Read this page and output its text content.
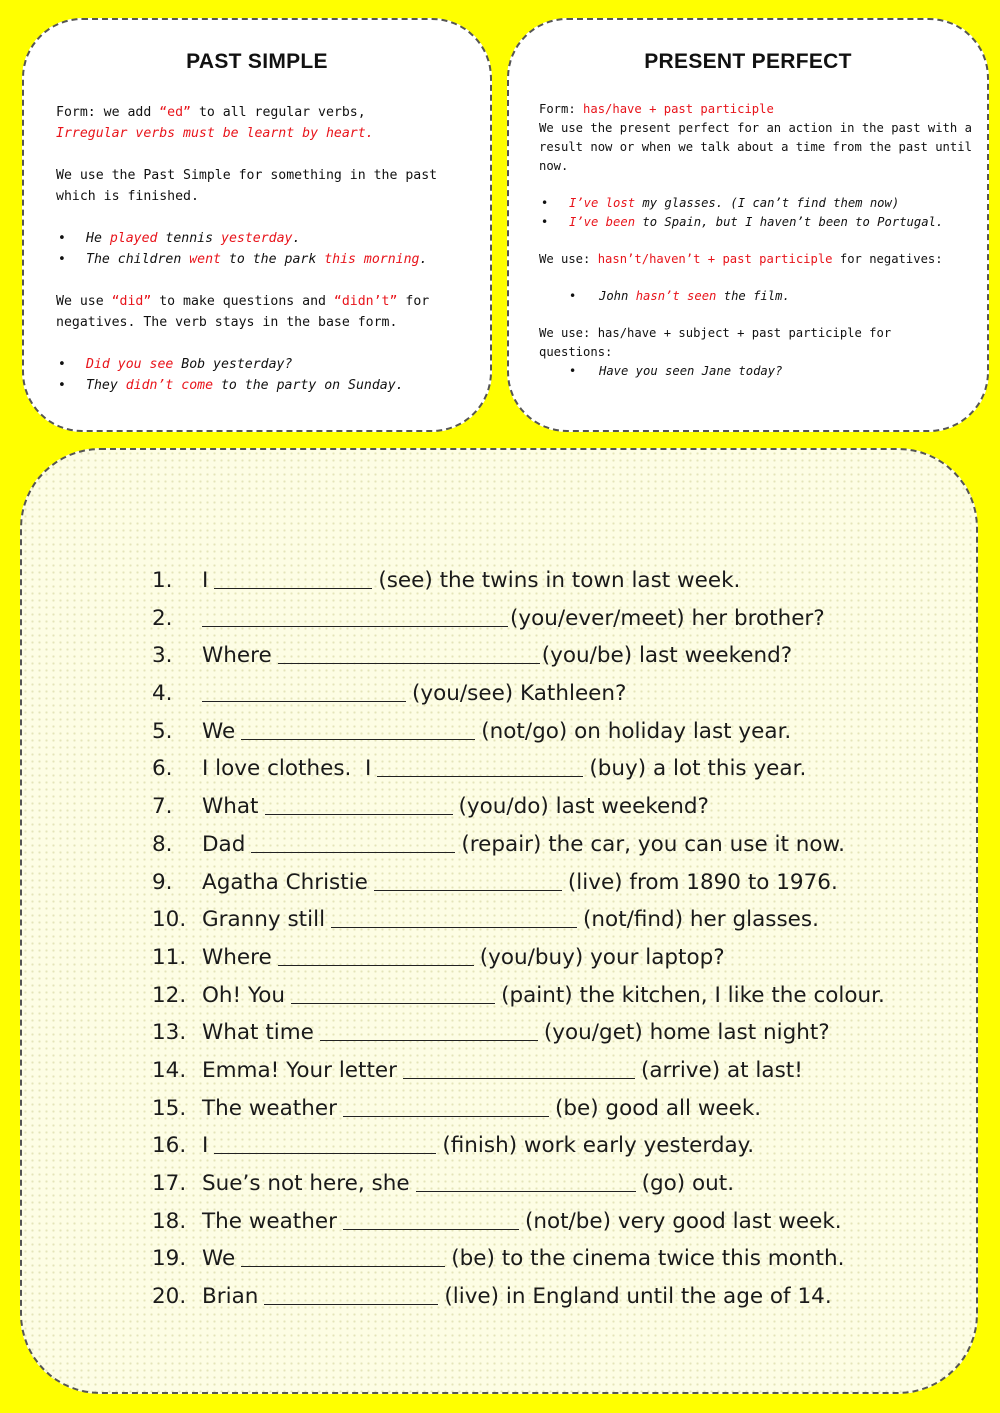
PAST SIMPLE

Form: we add “ed” to all regular verbs,

Irregular verbs must be learnt by heart.

We use the Past Simple for something in the past

which is finished.

• He played tennis yesterday.
• The children went to the park this morning.

We use “did” to make questions and “didn’t” for

negatives. The verb stays in the base form.

• Did you see Bob yesterday?
• They didn’t come to the party on Sunday.
PRESENT PERFECT

Form: has/have + past participle

We use the present perfect for an action in the past with a

result now or when we talk about a time from the past until

now.

• I’ve lost my glasses. (I can’t find them now)
• I’ve been to Spain, but I haven’t been to Portugal.

We use: hasn’t/haven’t + past participle for negatives:

• John hasn’t seen the film.

We use: has/have + subject + past participle for

questions:

• Have you seen Jane today?
1.	I	(see) the twins in town last week.
2.	(you/ever/meet) her brother?
3.	Where	(you/be) last weekend?
4.	(you/see) Kathleen?
5.	We	(not/go) on holiday last year.
6.	I love clothes.  I	(buy) a lot this year.
7.	What	(you/do) last weekend?
8.	Dad	(repair) the car, you can use it now.
9.	Agatha Christie	(live) from 1890 to 1976.
10. Granny still	(not/find) her glasses.
11. Where	(you/buy) your laptop?
12. Oh! You	(paint) the kitchen, I like the colour.
13. What time	(you/get) home last night?
14. Emma! Your letter	(arrive) at last!
15. The weather	(be) good all week.
16. I	(finish) work early yesterday.
17. Sue’s not here, she	(go) out.
18. The weather	(not/be) very good last week.
19. We	(be) to the cinema twice this month.
20. Brian	(live) in England until the age of 14.
